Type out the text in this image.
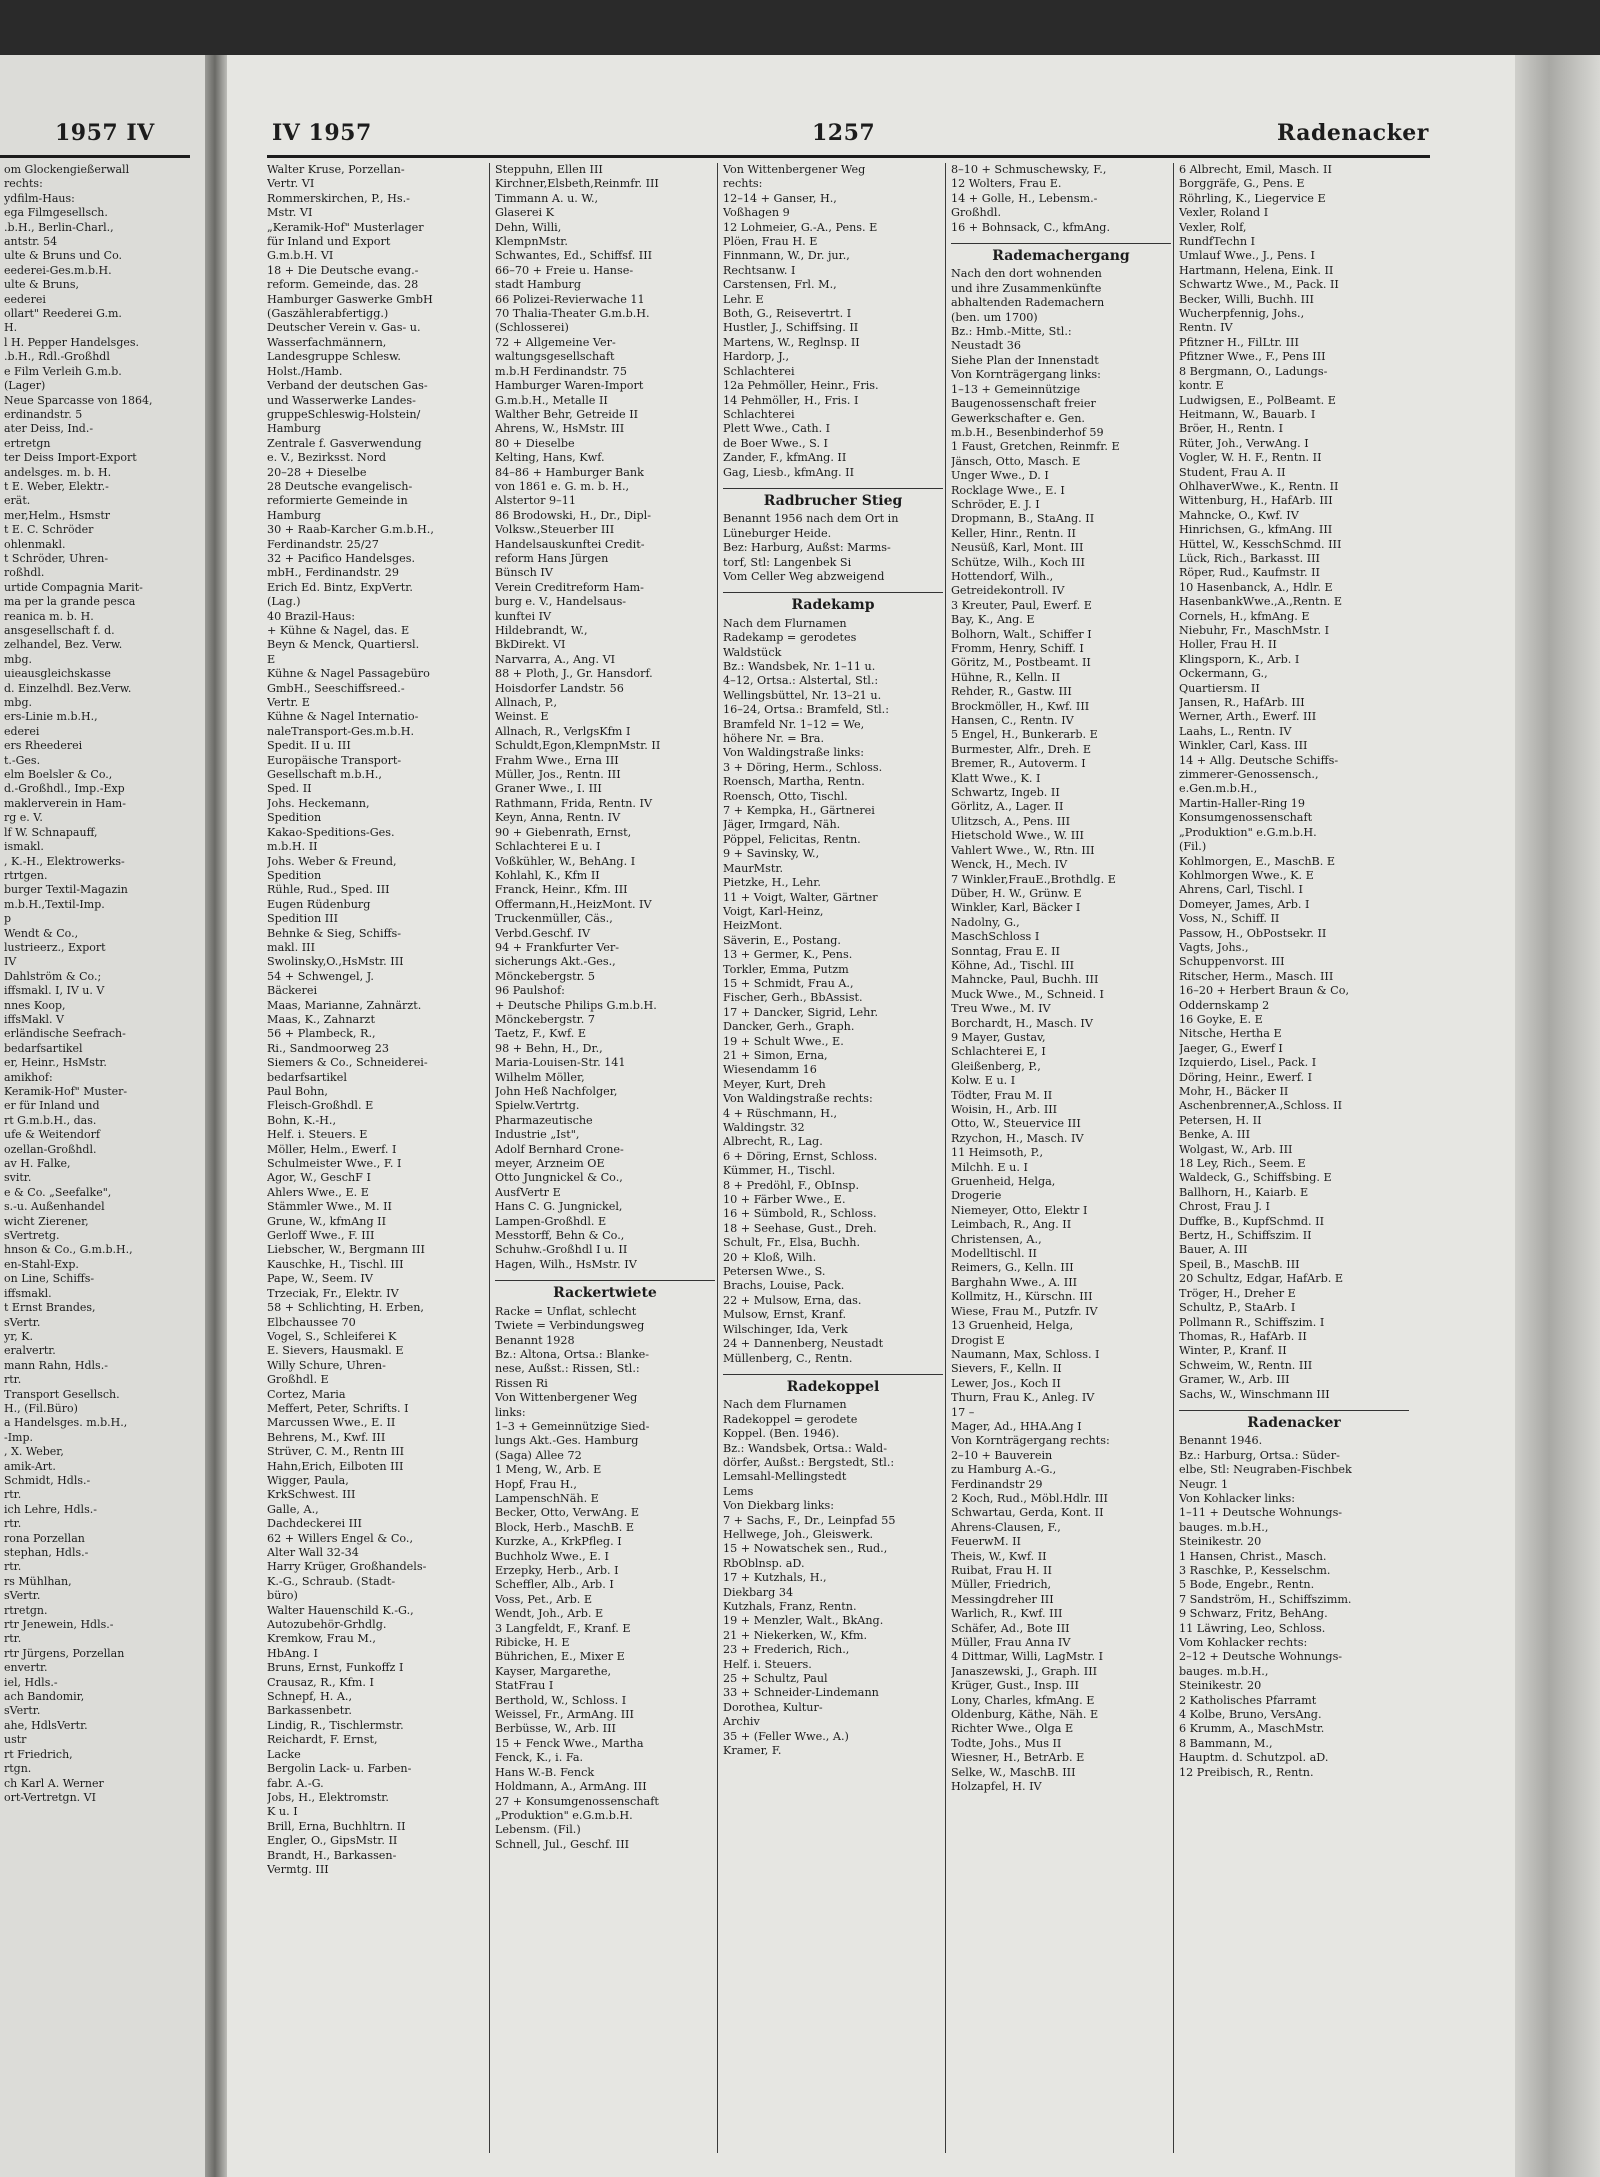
1957 IV
om Glockengießerwall
rechts:
ydfilm-Haus:
ega Filmgesellsch.
.b.H., Berlin-Charl.,
antstr. 54
ulte & Bruns und Co.
eederei-Ges.m.b.H.
ulte & Bruns,
eederei
ollart" Reederei G.m.
H.
l H. Pepper Handelsges.
.b.H., Rdl.-Großhdl
e Film Verleih G.m.b.
(Lager)
Neue Sparcasse von 1864,
erdinandstr. 5
ater Deiss, Ind.-
ertretgn
ter Deiss Import-Export
andelsges. m. b. H.
t E. Weber, Elektr.-
erät.
mer,Helm., Hsmstr
t E. C. Schröder
ohlenmakl.
t Schröder, Uhren-
roßhdl.
urtide Compagnia Marit-
ma per la grande pesca
reanica m. b. H.
ansgesellschaft f. d.
zelhandel, Bez. Verw.
mbg.
uieausgleichskasse
d. Einzelhdl. Bez.Verw.
mbg.
ers-Linie m.b.H.,
ederei
ers Rheederei
t.-Ges.
elm Boelsler & Co.,
d.-Großhdl., Imp.-Exp
maklerverein in Ham-
rg e. V.
lf W. Schnapauff,
ismakl.
, K.-H., Elektrowerks-
rtrtgen.
burger Textil-Magazin
m.b.H.,Textil-Imp.
p
Wendt & Co.,
lustrieerz., Export
IV
Dahlström & Co.;
iffsmakl. I, IV u. V
nnes Koop,
iffsMakl. V
erländische Seefrach-
bedarfsartikel
er, Heinr., HsMstr.
amikhof:
Keramik-Hof" Muster-
er für Inland und
rt G.m.b.H., das.
ufe & Weitendorf
ozellan-Großhdl.
av H. Falke,
svitr.
e & Co. „Seefalke",
s.-u. Außenhandel
wicht Zierener,
sVertretg.
hnson & Co., G.m.b.H.,
en-Stahl-Exp.
on Line, Schiffs-
iffsmakl.
t Ernst Brandes,
sVertr.
yr, K.
eralvertr.
mann Rahn, Hdls.-
rtr.
Transport Gesellsch.
H., (Fil.Büro)
a Handelsges. m.b.H.,
-Imp.
, X. Weber,
amik-Art.
Schmidt, Hdls.-
rtr.
ich Lehre, Hdls.-
rtr.
rona Porzellan
stephan, Hdls.-
rtr.
rs Mühlhan,
sVertr.
rtretgn.
rtr Jenewein, Hdls.-
rtr.
rtr Jürgens, Porzellan
envertr.
iel, Hdls.-
ach Bandomir,
sVertr.
ahe, HdlsVertr.
ustr
rt Friedrich,
rtgn.
ch Karl A. Werner
ort-Vertretgn. VI
IV 1957	1257	Radenacker
Walter Kruse, Porzellan-
Vertr. VI
Rommerskirchen, P., Hs.-
Mstr. VI
„Keramik-Hof" Musterlager
für Inland und Export
G.m.b.H. VI
18 + Die Deutsche evang.-
reform. Gemeinde, das. 28
Hamburger Gaswerke GmbH
(Gaszählerabfertigg.)
Deutscher Verein v. Gas- u.
Wasserfachmännern,
Landesgruppe Schlesw.
Holst./Hamb.
Verband der deutschen Gas-
und Wasserwerke Landes-
gruppeSchleswig-Holstein/
Hamburg
Zentrale f. Gasverwendung
e. V., Bezirksst. Nord
20–28 + Dieselbe
28 Deutsche evangelisch-
reformierte Gemeinde in
Hamburg
30 + Raab-Karcher G.m.b.H.,
Ferdinandstr. 25/27
32 + Pacifico Handelsges.
mbH., Ferdinandstr. 29
Erich Ed. Bintz, ExpVertr.
(Lag.)
40 Brazil-Haus:
+ Kühne & Nagel, das. E
Beyn & Menck, Quartiersl.
E
Kühne & Nagel Passagebüro
GmbH., Seeschiffsreed.-
Vertr. E
Kühne & Nagel Internatio-
naleTransport-Ges.m.b.H.
Spedit. II u. III
Europäische Transport-
Gesellschaft m.b.H.,
Sped. II
Johs. Heckemann,
Spedition
Kakao-Speditions-Ges.
m.b.H. II
Johs. Weber & Freund,
Spedition
Rühle, Rud., Sped. III
Eugen Rüdenburg
Spedition III
Behnke & Sieg, Schiffs-
makl. III
Swolinsky,O.,HsMstr. III
54 + Schwengel, J.
Bäckerei
Maas, Marianne, Zahnärzt.
Maas, K., Zahnarzt
56 + Plambeck, R.,
Ri., Sandmoorweg 23
Siemers & Co., Schneiderei-
bedarfsartikel
Paul Bohn,
Fleisch-Großhdl. E
Bohn, K.-H.,
Helf. i. Steuers. E
Möller, Helm., Ewerf. I
Schulmeister Wwe., F. I
Agor, W., GeschF I
Ahlers Wwe., E. E
Stämmler Wwe., M. II
Grune, W., kfmAng II
Gerloff Wwe., F. III
Liebscher, W., Bergmann III
Kauschke, H., Tischl. III
Pape, W., Seem. IV
Trzeciak, Fr., Elektr. IV
58 + Schlichting, H. Erben,
Elbchaussee 70
Vogel, S., Schleiferei K
E. Sievers, Hausmakl. E
Willy Schure, Uhren-
Großhdl. E
Cortez, Maria
Meffert, Peter, Schrifts. I
Marcussen Wwe., E. II
Behrens, M., Kwf. III
Strüver, C. M., Rentn III
Hahn,Erich, Eilboten III
Wigger, Paula,
KrkSchwest. III
Galle, A.,
Dachdeckerei III
62 + Willers Engel & Co.,
Alter Wall 32-34
Harry Krüger, Großhandels-
K.-G., Schraub. (Stadt-
büro)
Walter Hauenschild K.-G.,
Autozubehör-Grhdlg.
Kremkow, Frau M.,
HbAng. I
Bruns, Ernst, Funkoffz I
Crausaz, R., Kfm. I
Schnepf, H. A.,
Barkassenbetr.
Lindig, R., Tischlermstr.
Reichardt, F. Ernst,
Lacke
Bergolin Lack- u. Farben-
fabr. A.-G.
Jobs, H., Elektromstr.
K u. I
Brill, Erna, Buchhltrn. II
Engler, O., GipsMstr. II
Brandt, H., Barkassen-
Vermtg. III
Steppuhn, Ellen III
Kirchner,Elsbeth,Reinmfr. III
Timmann A. u. W.,
Glaserei K
Dehn, Willi,
KlempnMstr.
Schwantes, Ed., Schiffsf. III
66–70 + Freie u. Hanse-
stadt Hamburg
66 Polizei-Revierwache 11
70 Thalia-Theater G.m.b.H.
(Schlosserei)
72 + Allgemeine Ver-
waltungsgesellschaft
m.b.H Ferdinandstr. 75
Hamburger Waren-Import
G.m.b.H., Metalle II
Walther Behr, Getreide II
Ahrens, W., HsMstr. III
80 + Dieselbe
Kelting, Hans, Kwf.
84–86 + Hamburger Bank
von 1861 e. G. m. b. H.,
Alstertor 9–11
86 Brodowski, H., Dr., Dipl-
Volksw.,Steuerber III
Handelsauskunftei Credit-
reform Hans Jürgen
Bünsch IV
Verein Creditreform Ham-
burg e. V., Handelsaus-
kunftei IV
Hildebrandt, W.,
BkDirekt. VI
Narvarra, A., Ang. VI
88 + Ploth, J., Gr. Hansdorf.
Hoisdorfer Landstr. 56
Allnach, P.,
Weinst. E
Allnach, R., VerlgsKfm I
Schuldt,Egon,KlempnMstr. II
Frahm Wwe., Erna III
Müller, Jos., Rentn. III
Graner Wwe., I. III
Rathmann, Frida, Rentn. IV
Keyn, Anna, Rentn. IV
90 + Giebenrath, Ernst,
Schlachterei E u. I
Voßkühler, W., BehAng. I
Kohlahl, K., Kfm II
Franck, Heinr., Kfm. III
Offermann,H.,HeizMont. IV
Truckenmüller, Cäs.,
Verbd.Geschf. IV
94 + Frankfurter Ver-
sicherungs Akt.-Ges.,
Mönckebergstr. 5
96 Paulshof:
+ Deutsche Philips G.m.b.H.
Mönckebergstr. 7
Taetz, F., Kwf. E
98 + Behn, H., Dr.,
Maria-Louisen-Str. 141
Wilhelm Möller,
John Heß Nachfolger,
Spielw.Vertrtg.
Pharmazeutische
Industrie „Ist",
Adolf Bernhard Crone-
meyer, Arzneim OE
Otto Jungnickel & Co.,
AusfVertr E
Hans C. G. Jungnickel,
Lampen-Großhdl. E
Messtorff, Behn & Co.,
Schuhw.-Großhdl I u. II
Hagen, Wilh., HsMstr. IV
Rackertwiete
Racke = Unflat, schlecht
Twiete = Verbindungsweg
Benannt 1928
Bz.: Altona, Ortsa.: Blanke-
nese, Außst.: Rissen, Stl.:
Rissen Ri
Von Wittenbergener Weg
links:
1–3 + Gemeinnützige Sied-
lungs Akt.-Ges. Hamburg
(Saga) Allee 72
1 Meng, W., Arb. E
Hopf, Frau H.,
LampenschNäh. E
Becker, Otto, VerwAng. E
Block, Herb., MaschB. E
Kurzke, A., KrkPfleg. I
Buchholz Wwe., E. I
Erzepky, Herb., Arb. I
Scheffler, Alb., Arb. I
Voss, Pet., Arb. E
Wendt, Joh., Arb. E
3 Langfeldt, F., Kranf. E
Ribicke, H. E
Bührichen, E., Mixer E
Kayser, Margarethe,
StatFrau I
Berthold, W., Schloss. I
Weissel, Fr., ArmAng. III
Berbüsse, W., Arb. III
15 + Fenck Wwe., Martha
Fenck, K., i. Fa.
Hans W.-B. Fenck
Holdmann, A., ArmAng. III
27 + Konsumgenossenschaft
„Produktion" e.G.m.b.H.
Lebensm. (Fil.)
Schnell, Jul., Geschf. III
Von Wittenbergener Weg
rechts:
12–14 + Ganser, H.,
Voßhagen 9
12 Lohmeier, G.-A., Pens. E
Plöen, Frau H. E
Finnmann, W., Dr. jur.,
Rechtsanw. I
Carstensen, Frl. M.,
Lehr. E
Both, G., Reisevertrt. I
Hustler, J., Schiffsing. II
Martens, W., Reglnsp. II
Hardorp, J.,
Schlachterei
12a Pehmöller, Heinr., Fris.
14 Pehmöller, H., Fris. I
Schlachterei
Plett Wwe., Cath. I
de Boer Wwe., S. I
Zander, F., kfmAng. II
Gag, Liesb., kfmAng. II
Radbrucher Stieg
Benannt 1956 nach dem Ort in
Lüneburger Heide.
Bez: Harburg, Außst: Marms-
torf, Stl: Langenbek Si
Vom Celler Weg abzweigend
Radekamp
Nach dem Flurnamen
Radekamp = gerodetes
Waldstück
Bz.: Wandsbek, Nr. 1–11 u.
4–12, Ortsa.: Alstertal, Stl.:
Wellingsbüttel, Nr. 13–21 u.
16–24, Ortsa.: Bramfeld, Stl.:
Bramfeld Nr. 1–12 = We,
höhere Nr. = Bra.
Von Waldingstraße links:
3 + Döring, Herm., Schloss.
Roensch, Martha, Rentn.
Roensch, Otto, Tischl.
7 + Kempka, H., Gärtnerei
Jäger, Irmgard, Näh.
Pöppel, Felicitas, Rentn.
9 + Savinsky, W.,
MaurMstr.
Pietzke, H., Lehr.
11 + Voigt, Walter, Gärtner
Voigt, Karl-Heinz,
HeizMont.
Säverin, E., Postang.
13 + Germer, K., Pens.
Torkler, Emma, Putzm
15 + Schmidt, Frau A.,
Fischer, Gerh., BbAssist.
17 + Dancker, Sigrid, Lehr.
Dancker, Gerh., Graph.
19 + Schult Wwe., E.
21 + Simon, Erna,
Wiesendamm 16
Meyer, Kurt, Dreh
Von Waldingstraße rechts:
4 + Rüschmann, H.,
Waldingstr. 32
Albrecht, R., Lag.
6 + Döring, Ernst, Schloss.
Kümmer, H., Tischl.
8 + Predöhl, F., ObInsp.
10 + Färber Wwe., E.
16 + Sümbold, R., Schloss.
18 + Seehase, Gust., Dreh.
Schult, Fr., Elsa, Buchh.
20 + Kloß, Wilh.
Petersen Wwe., S.
Brachs, Louise, Pack.
22 + Mulsow, Erna, das.
Mulsow, Ernst, Kranf.
Wilschinger, Ida, Verk
24 + Dannenberg, Neustadt
Müllenberg, C., Rentn.
Radekoppel
Nach dem Flurnamen
Radekoppel = gerodete
Koppel. (Ben. 1946).
Bz.: Wandsbek, Ortsa.: Wald-
dörfer, Außst.: Bergstedt, Stl.:
Lemsahl-Mellingstedt
Lems
Von Diekbarg links:
7 + Sachs, F., Dr., Leinpfad 55
Hellwege, Joh., Gleiswerk.
15 + Nowatschek sen., Rud.,
RbOblnsp. aD.
17 + Kutzhals, H.,
Diekbarg 34
Kutzhals, Franz, Rentn.
19 + Menzler, Walt., BkAng.
21 + Niekerken, W., Kfm.
23 + Frederich, Rich.,
Helf. i. Steuers.
25 + Schultz, Paul
33 + Schneider-Lindemann
Dorothea, Kultur-
Archiv
35 + (Feller Wwe., A.)
Kramer, F.
8–10 + Schmuschewsky, F.,
12 Wolters, Frau E.
14 + Golle, H., Lebensm.-
Großhdl.
16 + Bohnsack, C., kfmAng.
Rademachergang
Nach den dort wohnenden
und ihre Zusammenkünfte
abhaltenden Rademachern
(ben. um 1700)
Bz.: Hmb.-Mitte, Stl.:
Neustadt 36
Siehe Plan der Innenstadt
Von Kornträgergang links:
1–13 + Gemeinnützige
Baugenossenschaft freier
Gewerkschafter e. Gen.
m.b.H., Besenbinderhof 59
1 Faust, Gretchen, Reinmfr. E
Jänsch, Otto, Masch. E
Unger Wwe., D. I
Rocklage Wwe., E. I
Schröder, E. J. I
Dropmann, B., StaAng. II
Keller, Hinr., Rentn. II
Neusüß, Karl, Mont. III
Schütze, Wilh., Koch III
Hottendorf, Wilh.,
Getreidekontroll. IV
3 Kreuter, Paul, Ewerf. E
Bay, K., Ang. E
Bolhorn, Walt., Schiffer I
Fromm, Henry, Schiff. I
Göritz, M., Postbeamt. II
Hühne, R., Kelln. II
Rehder, R., Gastw. III
Brockmöller, H., Kwf. III
Hansen, C., Rentn. IV
5 Engel, H., Bunkerarb. E
Burmester, Alfr., Dreh. E
Bremer, R., Autoverm. I
Klatt Wwe., K. I
Schwartz, Ingeb. II
Görlitz, A., Lager. II
Ulitzsch, A., Pens. III
Hietschold Wwe., W. III
Vahlert Wwe., W., Rtn. III
Wenck, H., Mech. IV
7 Winkler,FrauE.,Brothdlg. E
Düber, H. W., Grünw. E
Winkler, Karl, Bäcker I
Nadolny, G.,
MaschSchloss I
Sonntag, Frau E. II
Köhne, Ad., Tischl. III
Mahncke, Paul, Buchh. III
Muck Wwe., M., Schneid. I
Treu Wwe., M. IV
Borchardt, H., Masch. IV
9 Mayer, Gustav,
Schlachterei E, I
Gleißenberg, P.,
Kolw. E u. I
Tödter, Frau M. II
Woisin, H., Arb. III
Otto, W., Steuervice III
Rzychon, H., Masch. IV
11 Heimsoth, P.,
Milchh. E u. I
Gruenheid, Helga,
Drogerie
Niemeyer, Otto, Elektr I
Leimbach, R., Ang. II
Christensen, A.,
Modelltischl. II
Reimers, G., Kelln. III
Barghahn Wwe., A. III
Kollmitz, H., Kürschn. III
Wiese, Frau M., Putzfr. IV
13 Gruenheid, Helga,
Drogist E
Naumann, Max, Schloss. I
Sievers, F., Kelln. II
Lewer, Jos., Koch II
Thurn, Frau K., Anleg. IV
17 –
Mager, Ad., HHA.Ang I
Von Kornträgergang rechts:
2–10 + Bauverein
zu Hamburg A.-G.,
Ferdinandstr 29
2 Koch, Rud., Möbl.Hdlr. III
Schwartau, Gerda, Kont. II
Ahrens-Clausen, F.,
FeuerwM. II
Theis, W., Kwf. II
Ruibat, Frau H. II
Müller, Friedrich,
Messingdreher III
Warlich, R., Kwf. III
Schäfer, Ad., Bote III
Müller, Frau Anna IV
4 Dittmar, Willi, LagMstr. I
Janaszewski, J., Graph. III
Krüger, Gust., Insp. III
Lony, Charles, kfmAng. E
Oldenburg, Käthe, Näh. E
Richter Wwe., Olga E
Todte, Johs., Mus II
Wiesner, H., BetrArb. E
Selke, W., MaschB. III
Holzapfel, H. IV
6 Albrecht, Emil, Masch. II
Borggräfe, G., Pens. E
Röhrling, K., Liegervice E
Vexler, Roland I
Vexler, Rolf,
RundfTechn I
Umlauf Wwe., J., Pens. I
Hartmann, Helena, Eink. II
Schwartz Wwe., M., Pack. II
Becker, Willi, Buchh. III
Wucherpfennig, Johs.,
Rentn. IV
Pfitzner H., FilLtr. III
Pfitzner Wwe., F., Pens III
8 Bergmann, O., Ladungs-
kontr. E
Ludwigsen, E., PolBeamt. E
Heitmann, W., Bauarb. I
Bröer, H., Rentn. I
Rüter, Joh., VerwAng. I
Vogler, W. H. F., Rentn. II
Student, Frau A. II
OhlhaverWwe., K., Rentn. II
Wittenburg, H., HafArb. III
Mahncke, O., Kwf. IV
Hinrichsen, G., kfmAng. III
Hüttel, W., KesschSchmd. III
Lück, Rich., Barkasst. III
Röper, Rud., Kaufmstr. II
10 Hasenbanck, A., Hdlr. E
HasenbankWwe.,A.,Rentn. E
Cornels, H., kfmAng. E
Niebuhr, Fr., MaschMstr. I
Holler, Frau H. II
Klingsporn, K., Arb. I
Ockermann, G.,
Quartiersm. II
Jansen, R., HafArb. III
Werner, Arth., Ewerf. III
Laahs, L., Rentn. IV
Winkler, Carl, Kass. III
14 + Allg. Deutsche Schiffs-
zimmerer-Genossensch.,
e.Gen.m.b.H.,
Martin-Haller-Ring 19
Konsumgenossenschaft
„Produktion" e.G.m.b.H.
(Fil.)
Kohlmorgen, E., MaschB. E
Kohlmorgen Wwe., K. E
Ahrens, Carl, Tischl. I
Domeyer, James, Arb. I
Voss, N., Schiff. II
Passow, H., ObPostsekr. II
Vagts, Johs.,
Schuppenvorst. III
Ritscher, Herm., Masch. III
16–20 + Herbert Braun & Co,
Oddernskamp 2
16 Goyke, E. E
Nitsche, Hertha E
Jaeger, G., Ewerf I
Izquierdo, Lisel., Pack. I
Döring, Heinr., Ewerf. I
Mohr, H., Bäcker II
Aschenbrenner,A.,Schloss. II
Petersen, H. II
Benke, A. III
Wolgast, W., Arb. III
18 Ley, Rich., Seem. E
Waldeck, G., Schiffsbing. E
Ballhorn, H., Kaiarb. E
Chrost, Frau J. I
Duffke, B., KupfSchmd. II
Bertz, H., Schiffszim. II
Bauer, A. III
Speil, B., MaschB. III
20 Schultz, Edgar, HafArb. E
Tröger, H., Dreher E
Schultz, P., StaArb. I
Pollmann R., Schiffszim. I
Thomas, R., HafArb. II
Winter, P., Kranf. II
Schweim, W., Rentn. III
Gramer, W., Arb. III
Sachs, W., Winschmann III
Radenacker
Benannt 1946.
Bz.: Harburg, Ortsa.: Süder-
elbe, Stl: Neugraben-Fischbek
Neugr. 1
Von Kohlacker links:
1–11 + Deutsche Wohnungs-
bauges. m.b.H.,
Steinikestr. 20
1 Hansen, Christ., Masch.
3 Raschke, P., Kesselschm.
5 Bode, Engebr., Rentn.
7 Sandström, H., Schiffszimm.
9 Schwarz, Fritz, BehAng.
11 Läwring, Leo, Schloss.
Vom Kohlacker rechts:
2–12 + Deutsche Wohnungs-
bauges. m.b.H.,
Steinikestr. 20
2 Katholisches Pfarramt
4 Kolbe, Bruno, VersAng.
6 Krumm, A., MaschMstr.
8 Bammann, M.,
Hauptm. d. Schutzpol. aD.
12 Preibisch, R., Rentn.
